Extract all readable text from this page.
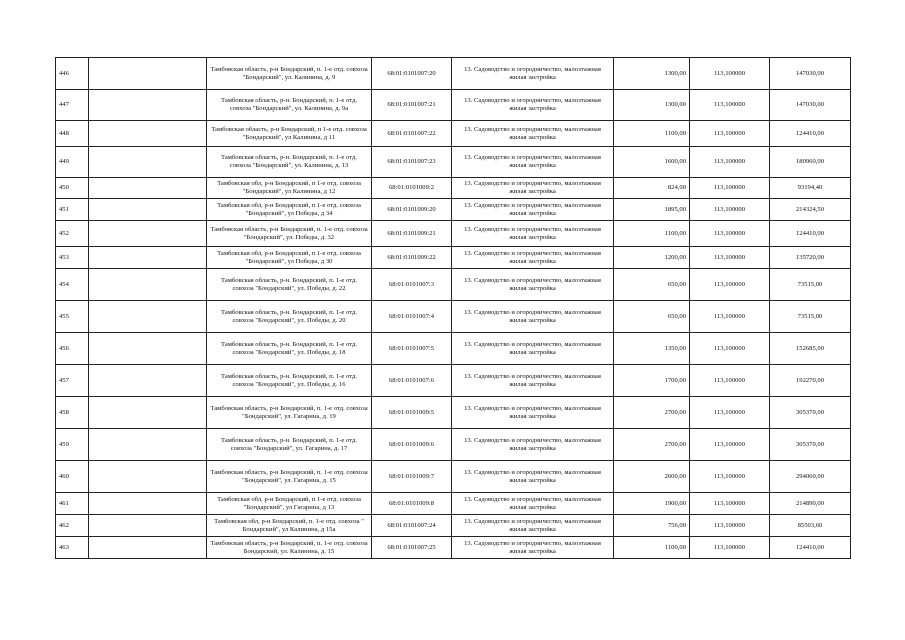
446		Тамбовская область, р-н Бондарский, п. 1-е отд. совхоза "Бондарский", ул. Калинина, д. 9	68:01:0101007:20	13. Садоводство и огородничество, малоэтажная жилая застройка	1300,00	113,100000	147030,00
447		Тамбовская область, р-н. Бондарский, п. 1-е отд. совхоза "Бондарский", ул. Калинина, д. 9а	68:01:0101007:21	13. Садоводство и огородничество, малоэтажная жилая застройка	1300,00	113,100000	147030,00
448		Тамбовская область, р-н Бондарский, п 1-е отд. совхоза "Бондарский", ул Калинина, д 11	68:01:0101007:22	13. Садоводство и огородничество, малоэтажная жилая застройка	1100,00	113,100000	124410,00
449		Тамбовская область, р-н. Бондарский, п. 1-е отд. совхоза "Бондарский", ул. Калинина, д. 13	68:01:0101007:23	13. Садоводство и огородничество, малоэтажная жилая застройка	1600,00	113,100000	180960,00
450		Тамбовская обл, р-н Бондарский, п 1-е отд. совхоза "Бондарский", ул Калинина, д 12	68:01:0101009:2	13. Садоводство и огородничество, малоэтажная жилая застройка	824,00	113,100000	93194,40
451		Тамбовская обл, р-н Бондарский, п 1-е отд. совхоза "Бондарский", ул Победы, д 34	68:01:0101009:20	13. Садоводство и огородничество, малоэтажная жилая застройка	1895,00	113,100000	214324,50
452		Тамбовская область, р-н Бондарский, п. 1-е отд. совхоза "Бондарский", ул. Победы, д. 32	68:01:0101009:21	13. Садоводство и огородничество, малоэтажная жилая застройка	1100,00	113,100000	124410,00
453		Тамбовская обл, р-н Бондарский, п 1-е отд. совхоза "Бондарский", ул Победы, д 30	68:01:0101009:22	13. Садоводство и огородничество, малоэтажная жилая застройка	1200,00	113,100000	135720,00
454		Тамбовская область, р-н. Бондарский, п. 1-е отд. совхоза "Бондарский", ул. Победы, д. 22	68:01:0101007:3	13. Садоводство и огородничество, малоэтажная жилая застройка	650,00	113,100000	73515,00
455		Тамбовская область, р-н. Бондарский, п. 1-е отд. совхоза "Бондарский", ул. Победы, д. 20	68:01:0101007:4	13. Садоводство и огородничество, малоэтажная жилая застройка	650,00	113,100000	73515,00
456		Тамбовская область, р-н. Бондарский, п. 1-е отд. совхоза "Бондарский", ул. Победы, д. 18	68:01:0101007:5	13. Садоводство и огородничество, малоэтажная жилая застройка	1350,00	113,100000	152685,00
457		Тамбовская область, р-н. Бондарский, п. 1-е отд. совхоза "Бондарский", ул. Победы, д. 16	68:01:0101007:6	13. Садоводство и огородничество, малоэтажная жилая застройка	1700,00	113,100000	192270,00
458		Тамбовская область, р-н Бондарский, п. 1-е отд. совхоза "Бондарский", ул. Гагарина, д. 19	68:01:0101009:5	13. Садоводство и огородничество, малоэтажная жилая застройка	2700,00	113,100000	305370,00
459		Тамбовская область, р-н. Бондарский, п. 1-е отд. совхоза "Бондарский", ул. Гагарина, д. 17	68:01:0101009:6	13. Садоводство и огородничество, малоэтажная жилая застройка	2700,00	113,100000	305370,00
460		Тамбовская область, р-н Бондарский, п. 1-е отд. совхоза "Бондарский", ул. Гагарина, д. 15	68:01:0101009:7	13. Садоводство и огородничество, малоэтажная жилая застройка	2600,00	113,100000	294060,00
461		Тамбовская обл, р-н Бондарский, п 1-е отд. совхоза "Бондарский", ул Гагарина, д 13	68:01:0101009:8	13. Садоводство и огородничество, малоэтажная жилая застройка	1900,00	113,100000	214890,00
462		Тамбовская обл, р-н Бондарский, п. 1-е отд. совхоза " Бондарский", ул Калинина, д 15а	68:01:0101007:24	13. Садоводство и огородничество, малоэтажная жилая застройка	756,00	113,100000	85503,60
463		Тамбовская область, р-н Бондарский, п. 1-е отд. совхоза Бондарский, ул. Калинина, д. 15	68:01:0101007:25	13. Садоводство и огородничество, малоэтажная жилая застройка	1100,00	113,100000	124410,00
